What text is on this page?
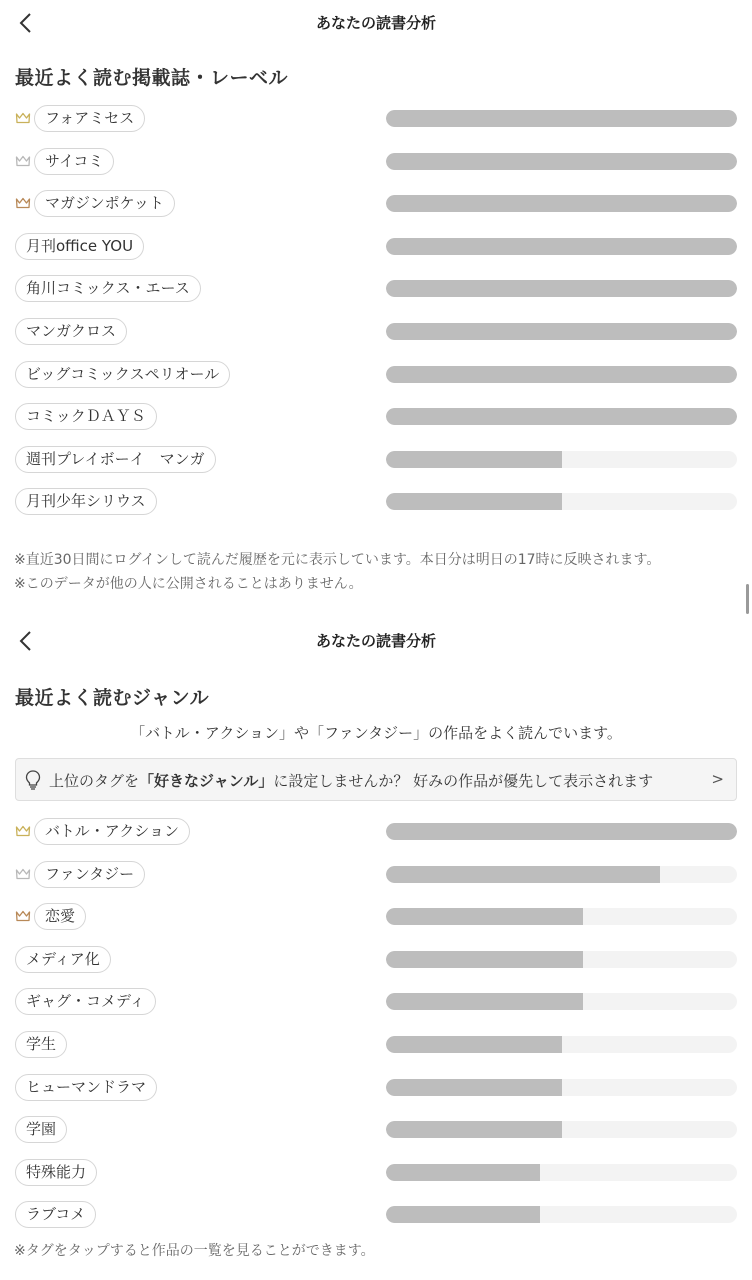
あなたの読書分析
最近よく読む掲載誌・レーベル
フォアミセス
サイコミ
マガジンポケット
月刊office YOU
角川コミックス・エース
マンガクロス
ビッグコミックスペリオール
コミックＤＡＹＳ
週刊プレイボーイ　マンガ
月刊少年シリウス
※直近30日間にログインして読んだ履歴を元に表示しています。本日分は明日の17時に反映されます。
※このデータが他の人に公開されることはありません。
あなたの読書分析
最近よく読むジャンル
「バトル・アクション」や「ファンタジー」の作品をよく読んでいます。
上位のタグを「好きなジャンル」に設定しませんか？ 好みの作品が優先して表示されます	>
バトル・アクション
ファンタジー
恋愛
メディア化
ギャグ・コメディ
学生
ヒューマンドラマ
学園
特殊能力
ラブコメ
※タグをタップすると作品の一覧を見ることができます。
